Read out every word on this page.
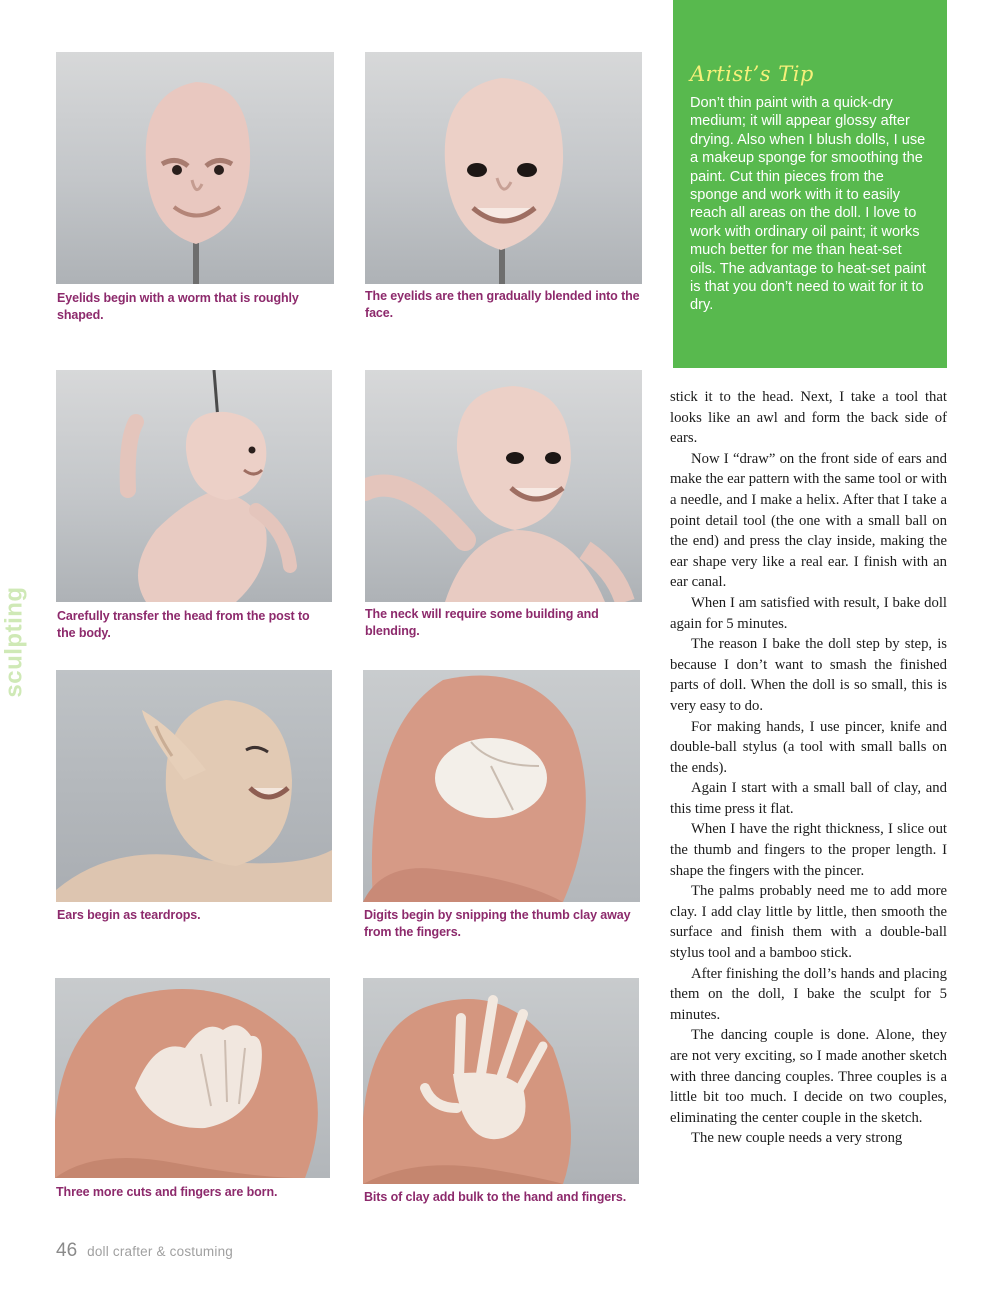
Eyelids begin with a worm that is roughly shaped.
The eyelids are then gradually blended into the face.
Carefully transfer the head from the post to the body.
The neck will require some building and blending.
Ears begin as teardrops.	Digits begin by snipping the thumb clay away from the fingers.
Three more cuts and fingers are born.	Bits of clay add bulk to the hand and fingers.
sculpting
Artist’s Tip

Don’t thin paint with a quick-dry medium; it will appear glossy after drying. Also when I blush dolls, I use a makeup sponge for smoothing the paint. Cut thin pieces from the sponge and work with it to easily reach all areas on the doll. I love to work with ordinary oil paint; it works much better for me than heat-set oils. The advantage to heat-set paint is that you don’t need to wait for it to dry.

stick it to the head. Next, I take a tool that looks like an awl and form the back side of ears.

Now I “draw” on the front side of ears and make the ear pattern with the same tool or with a needle, and I make a helix. After that I take a point detail tool (the one with a small ball on the end) and press the clay inside, making the ear shape very like a real ear. I finish with an ear canal.

When I am satisfied with result, I bake doll again for 5 minutes.

The reason I bake the doll step by step, is because I don’t want to smash the finished parts of doll. When the doll is so small, this is very easy to do.

For making hands, I use pincer, knife and double-ball stylus (a tool with small balls on the ends).

Again I start with a small ball of clay, and this time press it flat.

When I have the right thickness, I slice out the thumb and fingers to the proper length. I shape the fingers with the pincer.

The palms probably need me to add more clay. I add clay little by little, then smooth the surface and finish them with a double-ball stylus tool and a bamboo stick.

After finishing the doll’s hands and placing them on the doll, I bake the sculpt for 5 minutes.

The dancing couple is done. Alone, they are not very exciting, so I made another sketch with three dancing couples. Three couples is a little bit too much. I decide on two couples, eliminating the center couple in the sketch.

The new couple needs a very strong

46 doll crafter & costuming
